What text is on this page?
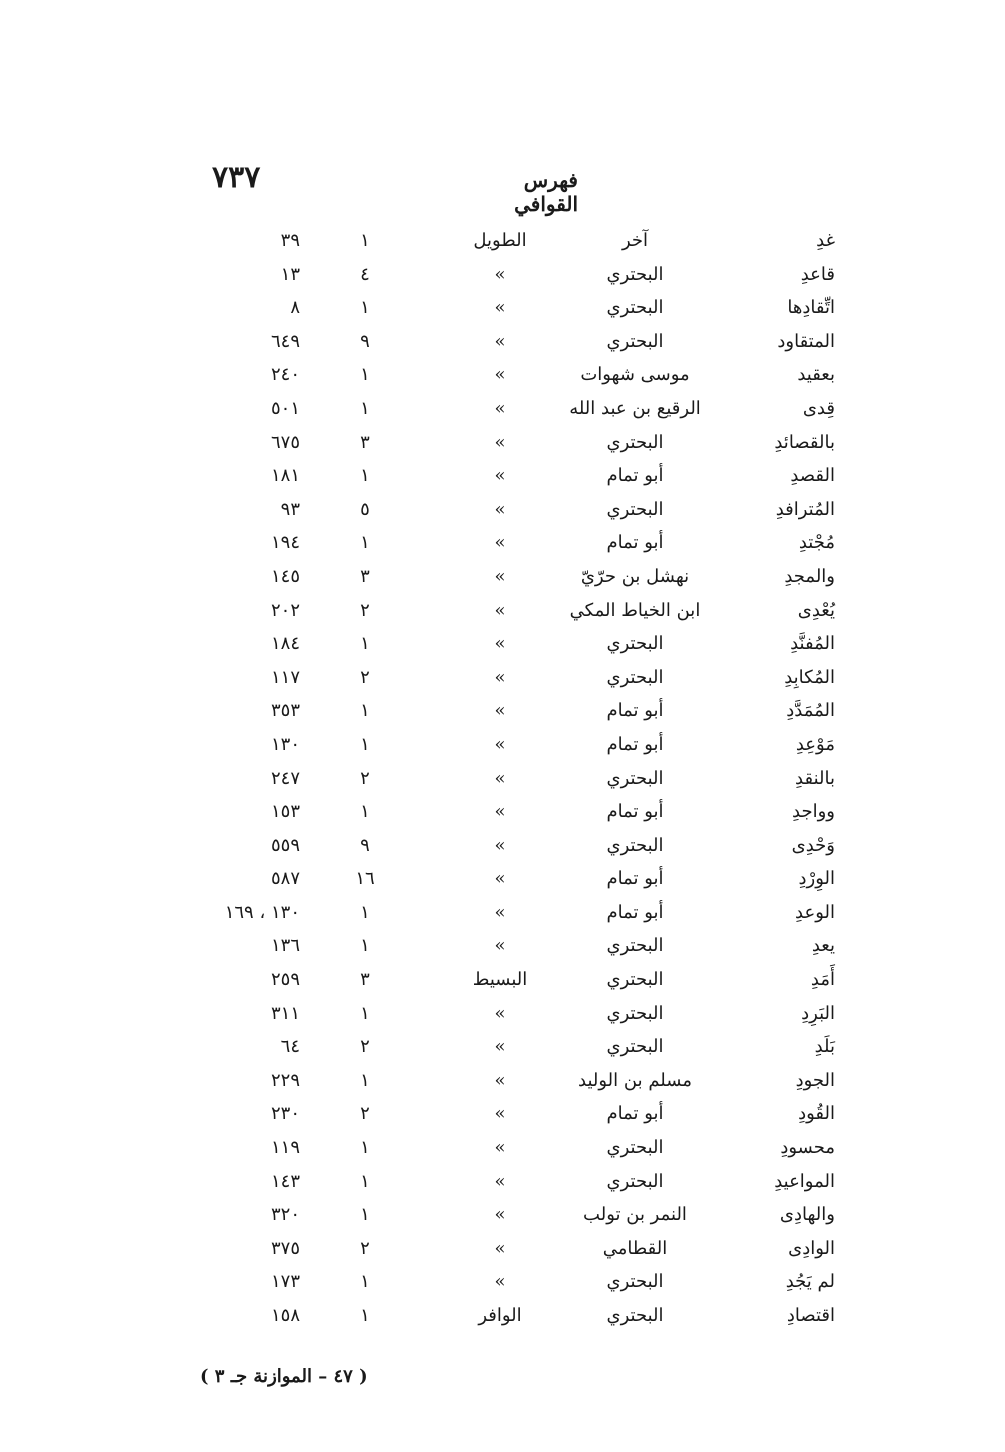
٧٣٧	فهرس القوافي
غدِ
آخر
الطويل
١
٣٩
قاعدِ
البحتري
»
٤
١٣
اتِّقادِها
البحتري
»
١
٨
المتقاود
البحتري
»
٩
٦٤٩
بعقيد
موسى شهوات
»
١
٢٤٠
قِدى
الرقيع بن عبد الله
»
١
٥٠١
بالقصائدِ
البحتري
»
٣
٦٧٥
القصدِ
أبو تمام
»
١
١٨١
المُترافدِ
البحتري
»
٥
٩٣
مُجْتدِ
أبو تمام
»
١
١٩٤
والمجدِ
نهشل بن حرّيّ
»
٣
١٤٥
يُعْدِى
ابن الخياط المكي
»
٢
٢٠٢
المُفنَّدِ
البحتري
»
١
١٨٤
المُكابِدِ
البحتري
»
٢
١١٧
المُمَدَّدِ
أبو تمام
»
١
٣٥٣
مَوْعِدِ
أبو تمام
»
١
١٣٠
بالنقدِ
البحتري
»
٢
٢٤٧
وواجدِ
أبو تمام
»
١
١٥٣
وَحْدِى
البحتري
»
٩
٥٥٩
الوِرْدِ
أبو تمام
»
١٦
٥٨٧
الوعدِ
أبو تمام
»
١
١٣٠ ، ١٦٩
يعدِ
البحتري
»
١
١٣٦
أَمَدِ
البحتري
البسيط
٣
٢٥٩
البَرِدِ
البحتري
»
١
٣١١
بَلَدِ
البحتري
»
٢
٦٤
الجودِ
مسلم بن الوليد
»
١
٢٢٩
القُودِ
أبو تمام
»
٢
٢٣٠
محسودِ
البحتري
»
١
١١٩
المواعيدِ
البحتري
»
١
١٤٣
والهادِى
النمر بن تولب
»
١
٣٢٠
الوادِى
القطامي
»
٢
٣٧٥
لم يَجُدِ
البحتري
»
١
١٧٣
اقتصادِ
البحتري
الوافر
١
١٥٨
( ٤٧ – الموازنة جـ ٣ )
